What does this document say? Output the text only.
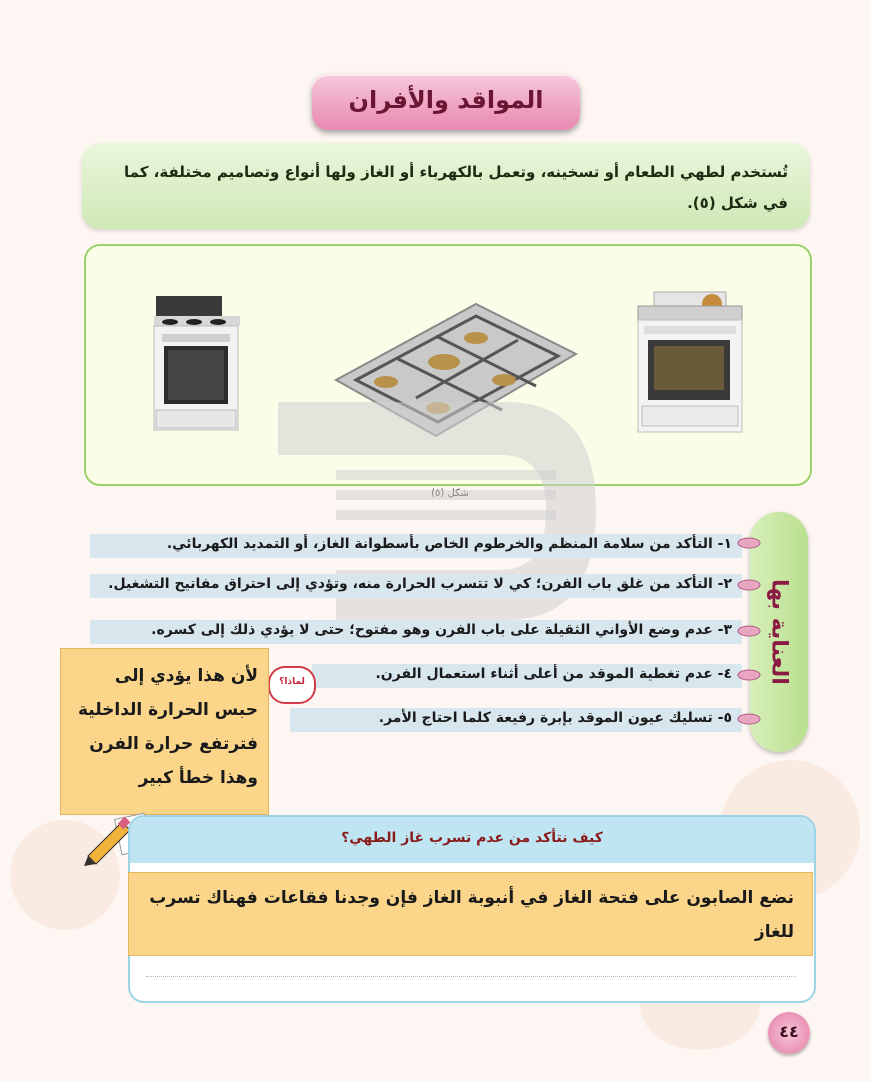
المواقد والأفران
تُستخدم لطهي الطعام أو تسخينه، وتعمل بالكهرباء أو الغاز ولها أنواع وتصاميم مختلفة، كما في شكل (٥).
العناية بها
١- التأكد من سلامة المنظم والخرطوم الخاص بأسطوانة الغاز، أو التمديد الكهربائي.
٢- التأكد من غلق باب الفرن؛ كي لا تتسرب الحرارة منه، وتؤدي إلى احتراق مفاتيح التشغيل.
٣- عدم وضع الأواني الثقيلة على باب الفرن وهو مفتوح؛ حتى لا يؤدي ذلك إلى كسره.
٤- عدم تغطية الموقد من أعلى أثناء استعمال الفرن.
٥- تسليك عيون الموقد بإبرة رفيعة كلما احتاج الأمر.
لماذا؟
لأن هذا يؤدي إلى حبس الحرارة الداخلية فترتفع حرارة الفرن وهذا خطأ كبير
كيف نتأكد من عدم تسرب غاز الطهي؟
نضع الصابون على فتحة الغاز في أنبوبة الغاز فإن وجدنا فقاعات فهناك تسرب للغاز
٤٤
